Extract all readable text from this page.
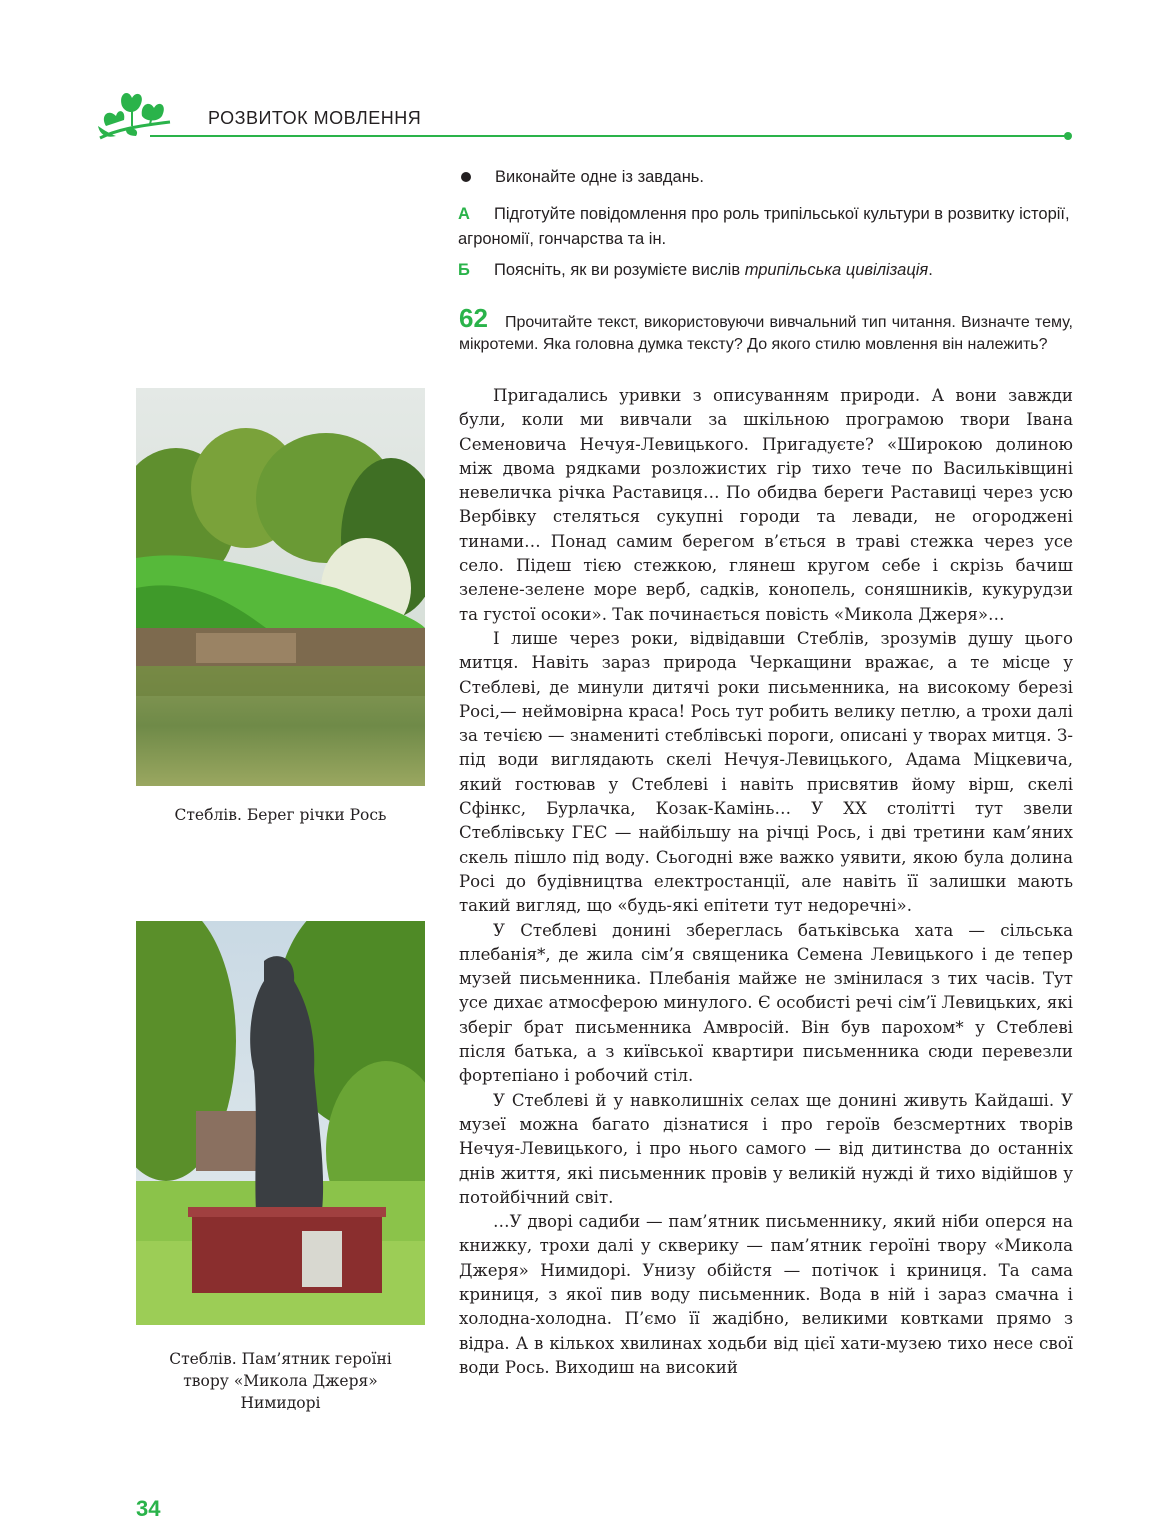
РОЗВИТОК МОВЛЕННЯ
Виконайте одне із завдань.
А Підготуйте повідомлення про роль трипільської культури в розвитку історії, агрономії, гончарства та ін.
Б Поясніть, як ви розумієте вислів трипільська цивілізація.
62	Прочитайте текст, використовуючи вивчальний тип читання. Визначте тему, мікротеми. Яка головна думка тексту? До якого стилю мовлення він належить?
Стеблів. Берег річки Рось
Стеблів. Пам’ятник героїні
твору «Микола Джеря»
Нимидорі

Пригадались уривки з описуванням природи. А вони завжди були, коли ми вивчали за шкільною програмою твори Івана Семеновича Нечуя-Левицького. Пригадуєте? «Широкою долиною між двома рядками розложистих гір тихо тече по Васильківщині невеличка річка Раставиця… По обидва береги Раставиці через усю Вербівку стеляться сукупні городи та левади, не огороджені тинами… Понад самим берегом в’ється в траві стежка через усе село. Підеш тією стежкою, глянеш кругом себе і скрізь бачиш зелене-зелене море верб, садків, конопель, соняшників, кукурудзи та густої осоки». Так починається повість «Микола Джеря»…

І лише через роки, відвідавши Стеблів, зрозумів душу цього митця. Навіть зараз природа Черкащини вражає, а те місце у Стеблеві, де минули дитячі роки письменника, на високому березі Росі,— неймовірна краса! Рось тут робить велику петлю, а трохи далі за течією — знамениті стеблівські пороги, описані у творах митця. З-під води виглядають скелі Нечуя-Левицького, Адама Міцкевича, який гостював у Стеблеві і навіть присвятив йому вірш, скелі Сфінкс, Бурлачка, Козак-Камінь… У XX столітті тут звели Стеблівську ГЕС — найбільшу на річці Рось, і дві третини кам’яних скель пішло під воду. Сьогодні вже важко уявити, якою була долина Росі до будівництва електростанції, але навіть її залишки мають такий вигляд, що «будь-які епітети тут недоречні».

У Стеблеві донині збереглась батьківська хата — сільська плебанія*, де жила сім’я священика Семена Левицького і де тепер музей письменника. Плебанія майже не змінилася з тих часів. Тут усе дихає атмосферою минулого. Є особисті речі сім’ї Левицьких, які зберіг брат письменника Амвросій. Він був парохом* у Стеблеві після батька, а з київської квартири письменника сюди перевезли фортепіано і робочий стіл.

У Стеблеві й у навколишніх селах ще донині живуть Кайдаші. У музеї можна багато дізнатися і про героїв безсмертних творів Нечуя-Левицького, і про нього самого — від дитинства до останніх днів життя, які письменник провів у великій нужді й тихо відійшов у потойбічний світ.

…У дворі садиби — пам’ятник письменнику, який ніби оперся на книжку, трохи далі у скверику — пам’ятник героїні твору «Микола Джеря» Нимидорі. Унизу обійстя — потічок і криниця. Та сама криниця, з якої пив воду письменник. Вода в ній і зараз смачна і холодна-холодна. П’ємо її жадібно, великими ковтками прямо з відра. А в кількох хвилинах ходьби від цієї хати-музею тихо несе свої води Рось. Виходиш на високий

34
